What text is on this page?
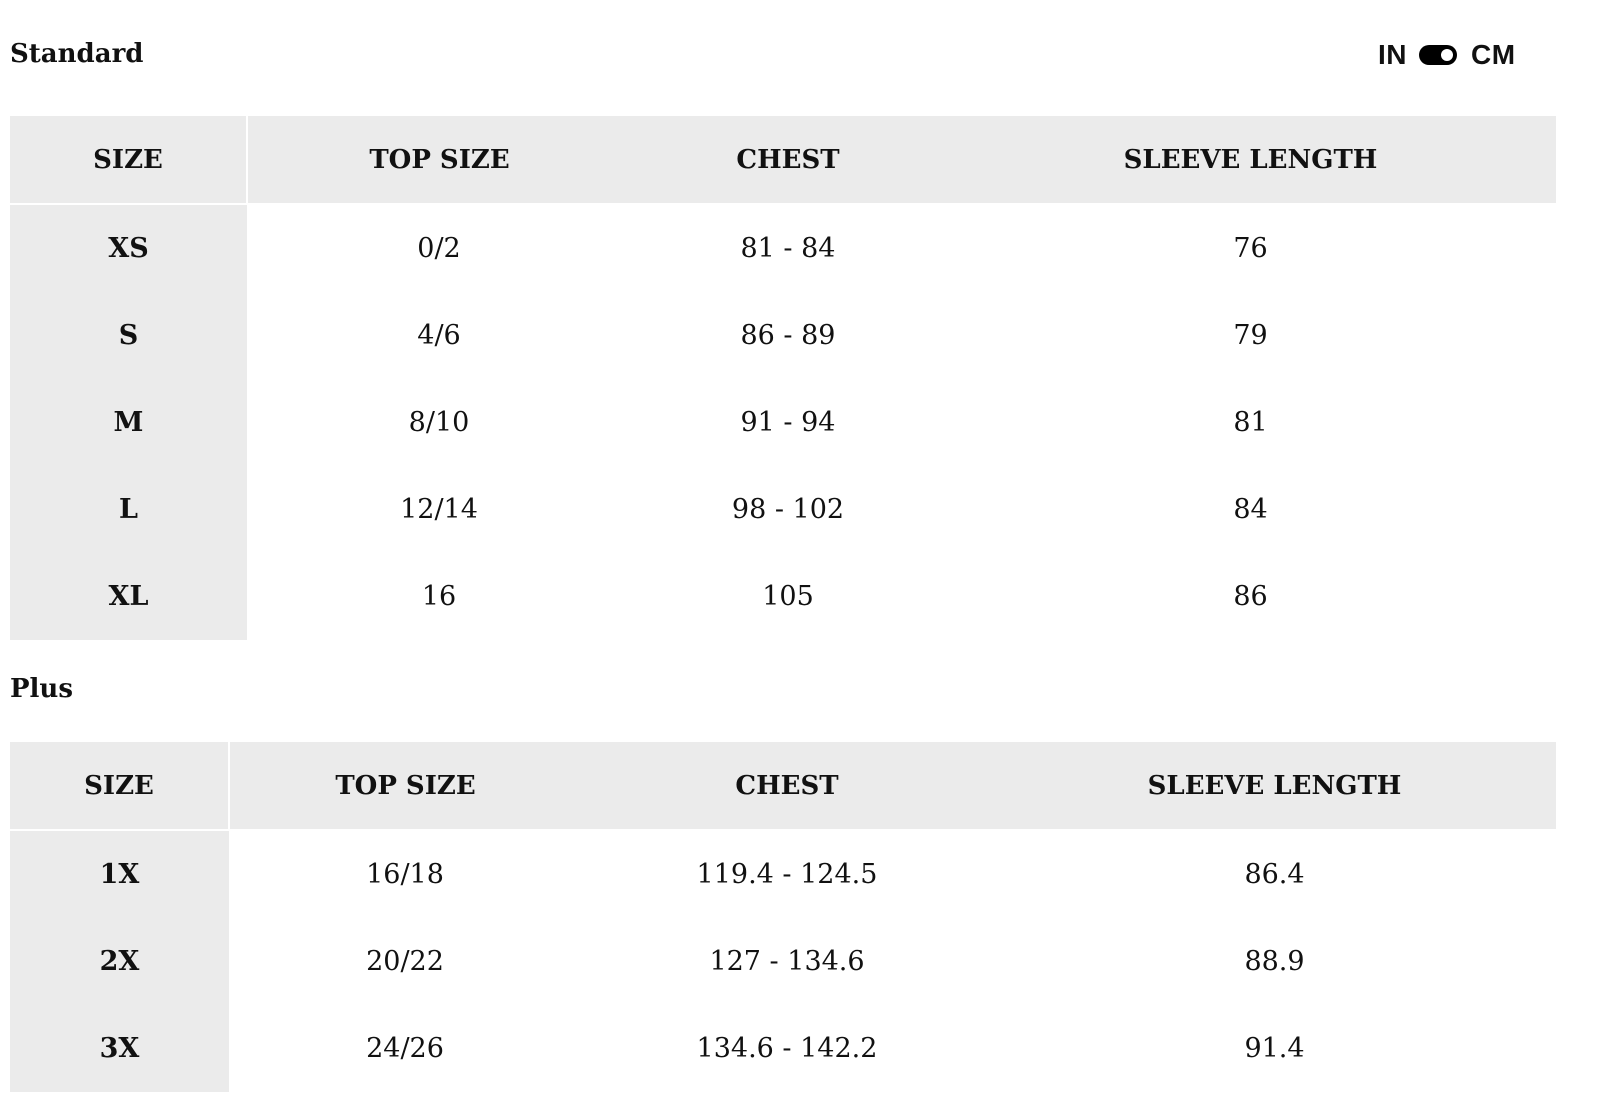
Standard	IN CM
SIZE	TOP SIZE	CHEST	SLEEVE LENGTH
XS	0/2	81 - 84	76
S	4/6	86 - 89	79
M	8/10	91 - 94	81
L	12/14	98 - 102	84
XL	16	105	86
Plus
SIZE	TOP SIZE	CHEST	SLEEVE LENGTH
1X	16/18	119.4 - 124.5	86.4
2X	20/22	127 - 134.6	88.9
3X	24/26	134.6 - 142.2	91.4
